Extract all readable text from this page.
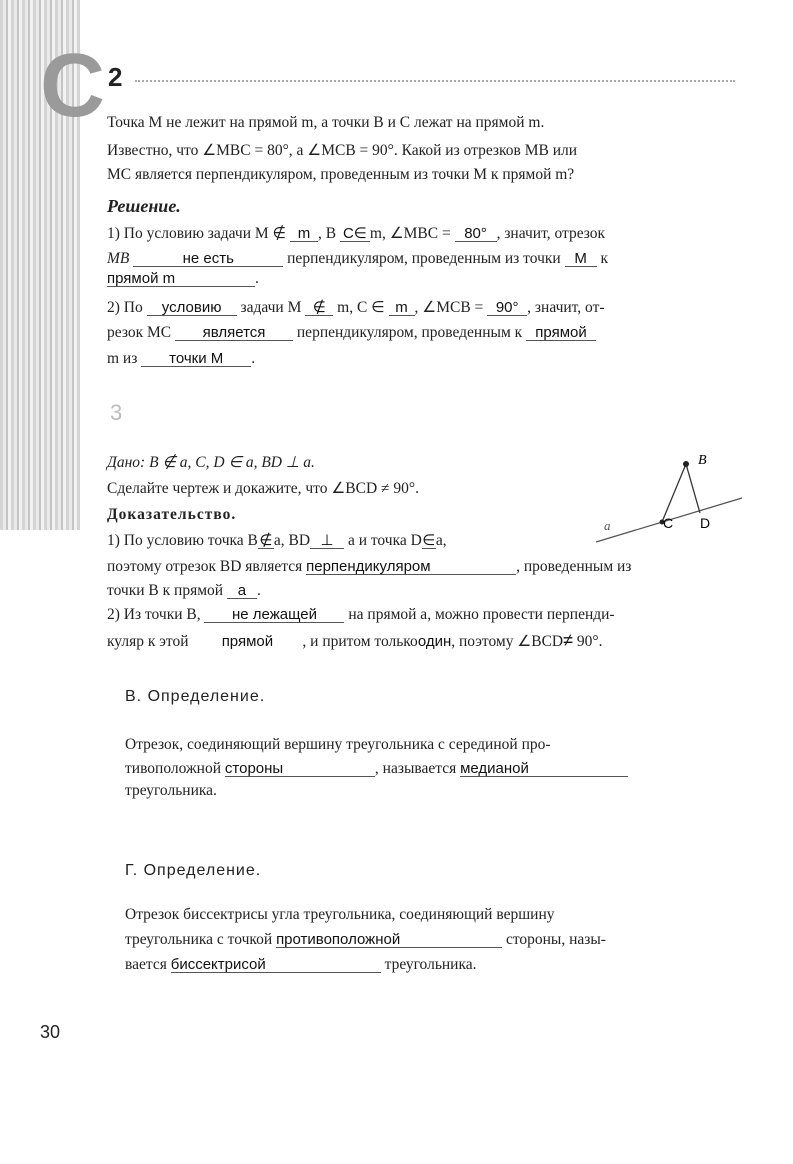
C 2
Точка M не лежит на прямой m, а точки B и C лежат на прямой m.
Известно, что ∠MBC = 80°, а ∠MCB = 90°. Какой из отрезков MB или
MC является перпендикуляром, проведенным из точки M к прямой m?
Решение.
1) По условию задачи M ∉ m , B C∈ m, ∠MBC = 80° , значит, отрезок
MB	не есть	перпендикуляром, проведенным из точки M к
прямой m	.
2) По условию задачи M ∉ m, C ∈ m , ∠MCB = 90° , значит, от-
резок MC является перпендикуляром, проведенным к прямой
m из точки M .
3
Дано: B ∉ a, C, D ∈ a, BD ⊥ a.
Сделайте чертеж и докажите, что ∠BCD ≠ 90°.
Доказательство.
1) По условию точка B∉a, BD ⊥ a и точка D∈a,
поэтому отрезок BD является перпендикуляром	, проведенным из
точки B к прямой a .
2) Из точки B, не лежащей на прямой a, можно провести перпенди-
куляр к этой прямой , и притом толькоодин, поэтому ∠BCD≠ 90°.
B
C D
a
В. Определение.
Отрезок, соединяющий вершину треугольника с серединой про-
тивоположной стороны	, называется медианой
треугольника.
Г. Определение.
Отрезок биссектрисы угла треугольника, соединяющий вершину
треугольника с точкой противоположной	стороны, назы-
вается биссектрисой	треугольника.
30
